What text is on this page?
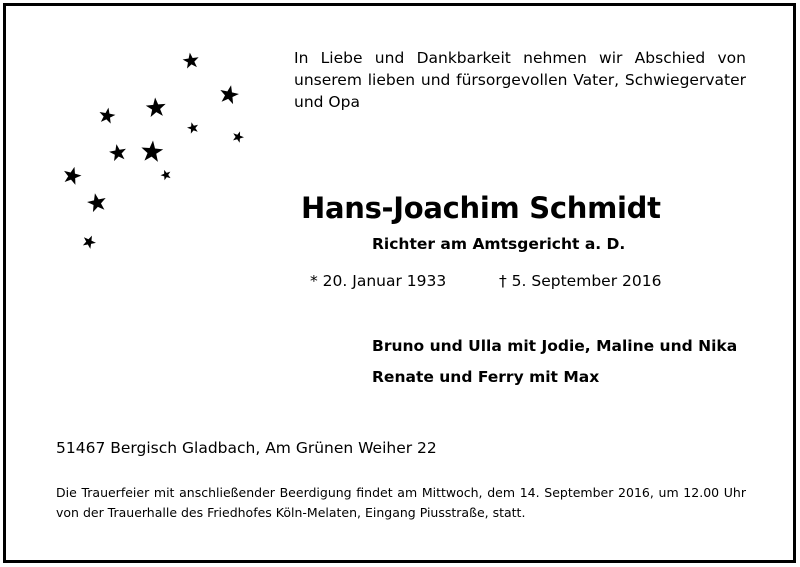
In Liebe und Dankbarkeit nehmen wir Abschied von unserem lieben und fürsorgevollen Vater, Schwiegervater und Opa
Hans-Joachim Schmidt
Richter am Amtsgericht a. D.
* 20. Januar 1933	† 5. September 2016
Bruno und Ulla mit Jodie, Maline und Nika
Renate und Ferry mit Max
51467 Bergisch Gladbach, Am Grünen Weiher 22
Die Trauerfeier mit anschließender Beerdigung findet am Mittwoch, dem 14. September 2016, um 12.00 Uhr von der Trauerhalle des Friedhofes Köln-Melaten, Eingang Piusstraße, statt.
